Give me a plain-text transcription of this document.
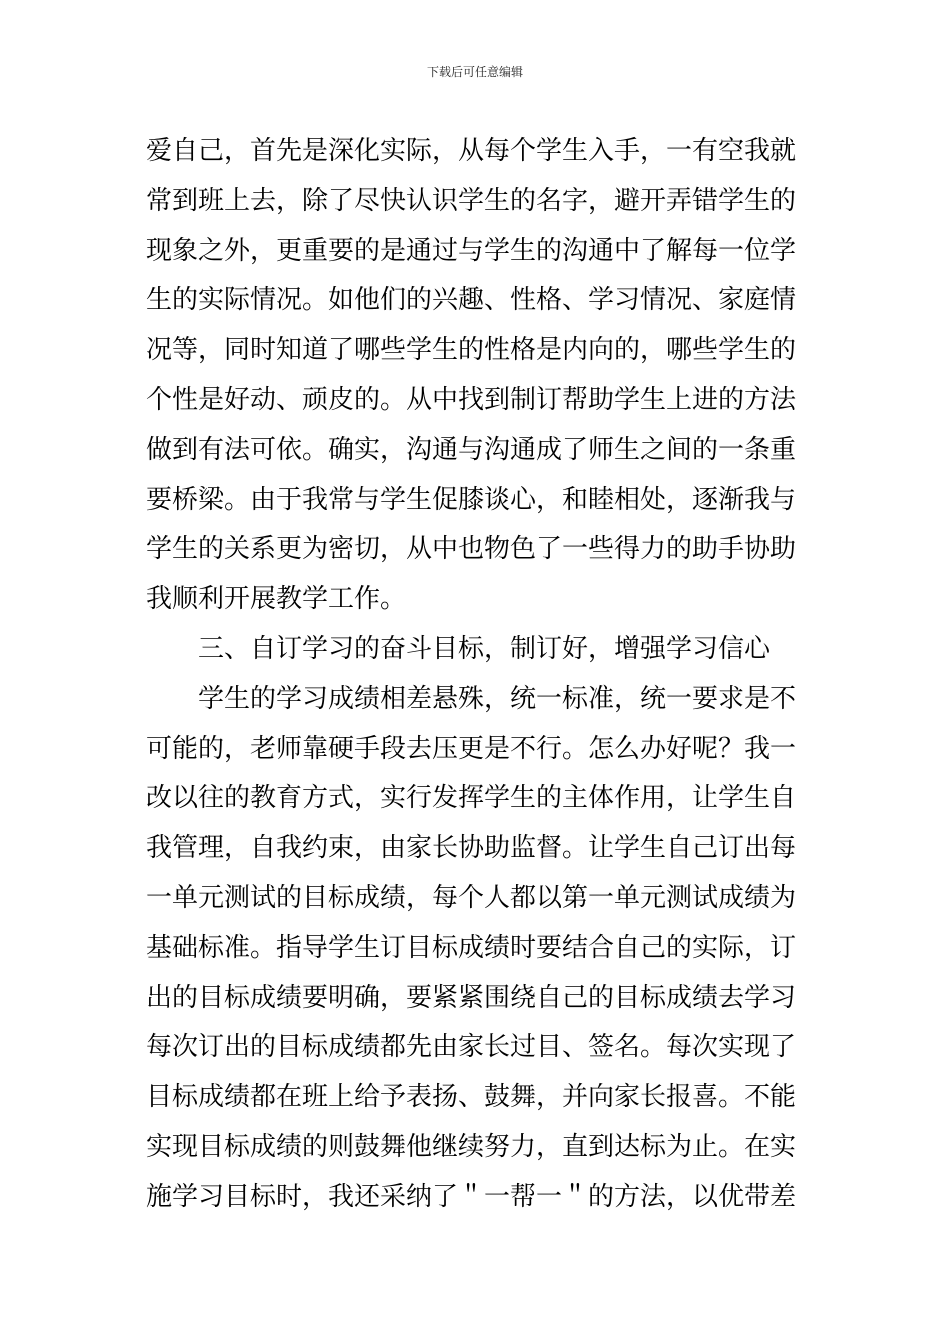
下载后可任意编辑
爱自己，首先是深化实际，从每个学生入手，一有空我就
常到班上去，除了尽快认识学生的名字，避开弄错学生的
现象之外，更重要的是通过与学生的沟通中了解每一位学
生的实际情况。如他们的兴趣、性格、学习情况、家庭情
况等，同时知道了哪些学生的性格是内向的，哪些学生的
个性是好动、顽皮的。从中找到制订帮助学生上进的方法
做到有法可依。确实，沟通与沟通成了师生之间的一条重
要桥梁。由于我常与学生促膝谈心，和睦相处，逐渐我与
学生的关系更为密切，从中也物色了一些得力的助手协助
我顺利开展教学工作。
三、自订学习的奋斗目标，制订好，增强学习信心
学生的学习成绩相差悬殊，统一标准，统一要求是不
可能的，老师靠硬手段去压更是不行。怎么办好呢？我一
改以往的教育方式，实行发挥学生的主体作用，让学生自
我管理，自我约束，由家长协助监督。让学生自己订出每
一单元测试的目标成绩，每个人都以第一单元测试成绩为
基础标准。指导学生订目标成绩时要结合自己的实际，订
出的目标成绩要明确，要紧紧围绕自己的目标成绩去学习
每次订出的目标成绩都先由家长过目、签名。每次实现了
目标成绩都在班上给予表扬、鼓舞，并向家长报喜。不能
实现目标成绩的则鼓舞他继续努力，直到达标为止。在实
施学习目标时，我还采纳了＂一帮一＂的方法，以优带差
